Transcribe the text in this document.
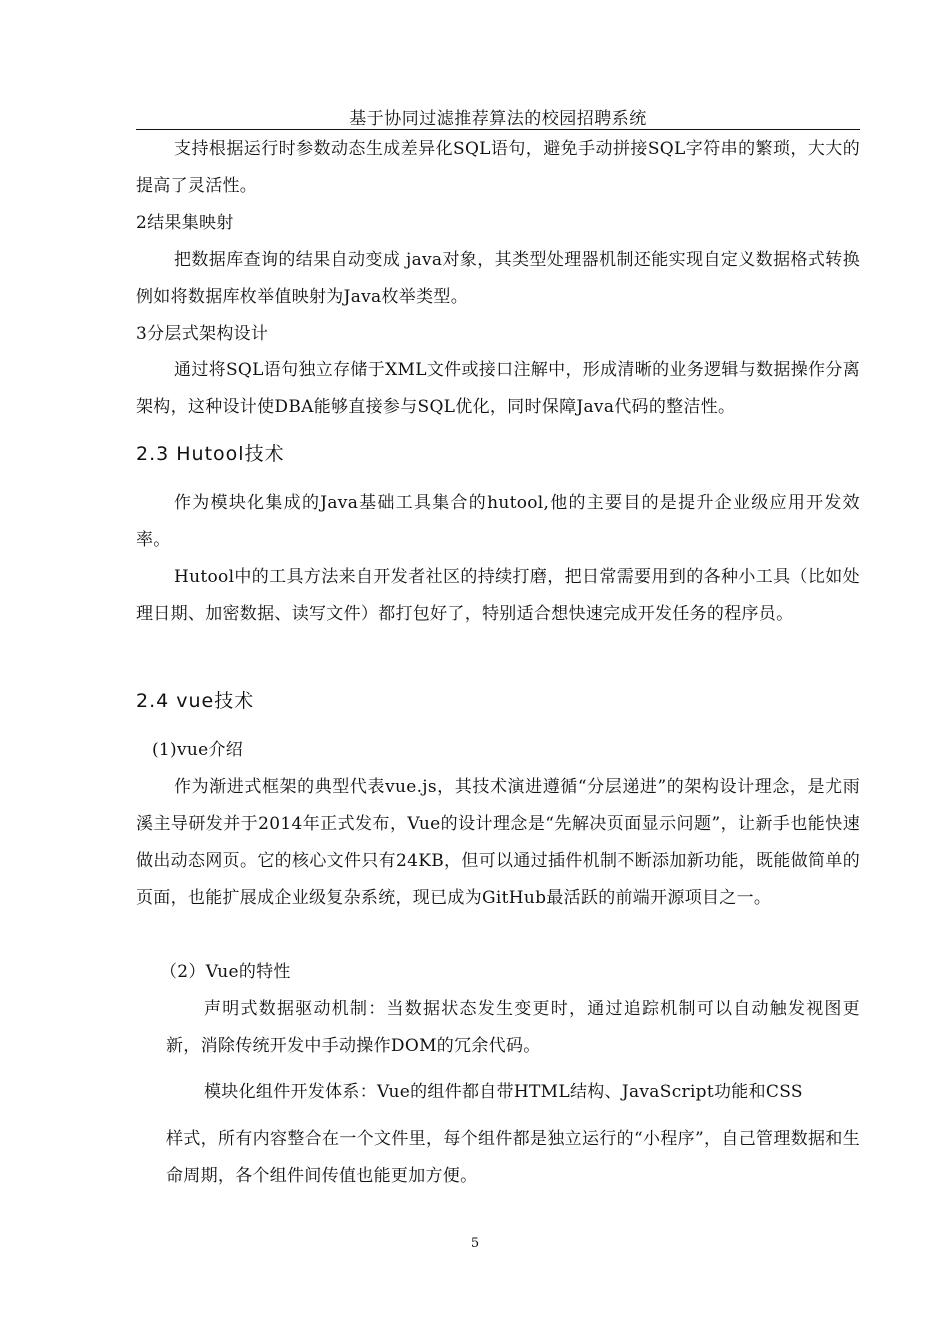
基于协同过滤推荐算法的校园招聘系统
支持根据运行时参数动态生成差异化SQL语句，避免手动拼接SQL字符串的繁琐，大大的提高了灵活性。
2结果集映射
把数据库查询的结果自动变成 java对象，其类型处理器机制还能实现自定义数据格式转换例如将数据库枚举值映射为Java枚举类型。
3分层式架构设计
通过将SQL语句独立存储于XML文件或接口注解中，形成清晰的业务逻辑与数据操作分离架构，这种设计使DBA能够直接参与SQL优化，同时保障Java代码的整洁性。
2.3 Hutool技术
作为模块化集成的Java基础工具集合的hutool,他的主要目的是提升企业级应用开发效率。
Hutool中的工具方法来自开发者社区的持续打磨，把日常需要用到的各种小工具（比如处理日期、加密数据、读写文件）都打包好了，特别适合想快速完成开发任务的程序员。
2.4 vue技术
(1)vue介绍
作为渐进式框架的典型代表vue.js，其技术演进遵循“分层递进”的架构设计理念，是尤雨溪主导研发并于2014年正式发布，Vue的设计理念是“先解决页面显示问题”，让新手也能快速做出动态网页。它的核心文件只有24KB，但可以通过插件机制不断添加新功能，既能做简单的页面，也能扩展成企业级复杂系统，现已成为GitHub最活跃的前端开源项目之一。
（2）Vue的特性
声明式数据驱动机制：当数据状态发生变更时，通过追踪机制可以自动触发视图更新，消除传统开发中手动操作DOM的冗余代码。
模块化组件开发体系：Vue的组件都自带HTML结构、JavaScript功能和CSS
样式，所有内容整合在一个文件里，每个组件都是独立运行的“小程序”，自己管理数据和生命周期，各个组件间传值也能更加方便。
5
